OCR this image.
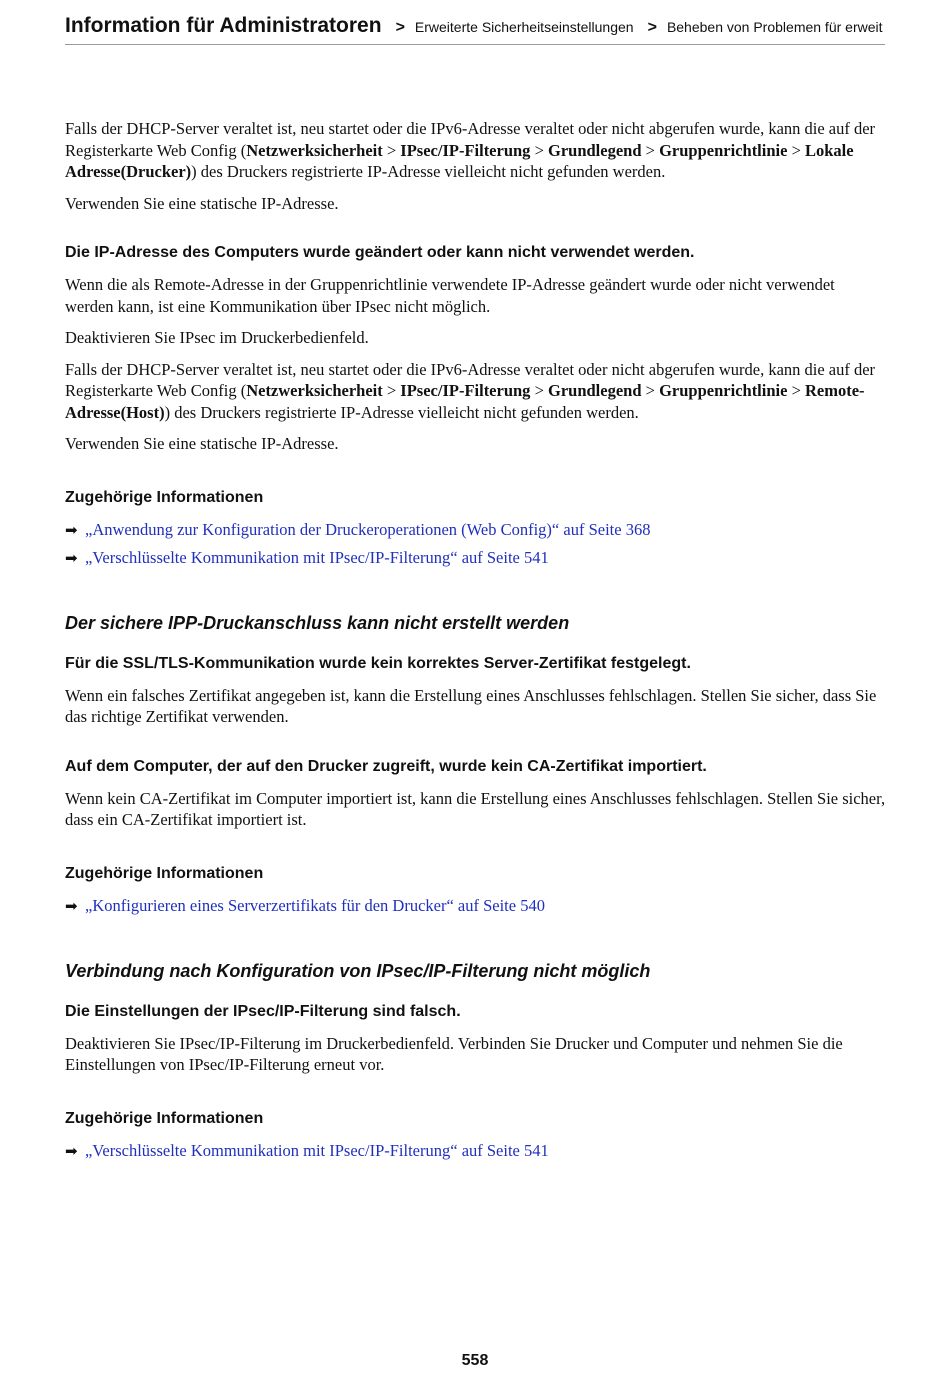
Information für Administratoren > Erweiterte Sicherheitseinstellungen > Beheben von Problemen für erweit

Falls der DHCP-Server veraltet ist, neu startet oder die IPv6-Adresse veraltet oder nicht abgerufen wurde, kann die auf der Registerkarte Web Config (Netzwerksicherheit > IPsec/IP-Filterung > Grundlegend > Gruppenrichtlinie > Lokale Adresse(Drucker)) des Druckers registrierte IP-Adresse vielleicht nicht gefunden werden.

Verwenden Sie eine statische IP-Adresse.

Die IP-Adresse des Computers wurde geändert oder kann nicht verwendet werden.

Wenn die als Remote-Adresse in der Gruppenrichtlinie verwendete IP-Adresse geändert wurde oder nicht verwendet werden kann, ist eine Kommunikation über IPsec nicht möglich.

Deaktivieren Sie IPsec im Druckerbedienfeld.

Falls der DHCP-Server veraltet ist, neu startet oder die IPv6-Adresse veraltet oder nicht abgerufen wurde, kann die auf der Registerkarte Web Config (Netzwerksicherheit > IPsec/IP-Filterung > Grundlegend > Gruppenrichtlinie > Remote-Adresse(Host)) des Druckers registrierte IP-Adresse vielleicht nicht gefunden werden.

Verwenden Sie eine statische IP-Adresse.

Zugehörige Informationen
➡ „Anwendung zur Konfiguration der Druckeroperationen (Web Config)“ auf Seite 368
➡ „Verschlüsselte Kommunikation mit IPsec/IP-Filterung“ auf Seite 541
Der sichere IPP-Druckanschluss kann nicht erstellt werden
Für die SSL/TLS-Kommunikation wurde kein korrektes Server-Zertifikat festgelegt.

Wenn ein falsches Zertifikat angegeben ist, kann die Erstellung eines Anschlusses fehlschlagen. Stellen Sie sicher, dass Sie das richtige Zertifikat verwenden.

Auf dem Computer, der auf den Drucker zugreift, wurde kein CA-Zertifikat importiert.

Wenn kein CA-Zertifikat im Computer importiert ist, kann die Erstellung eines Anschlusses fehlschlagen. Stellen Sie sicher, dass ein CA-Zertifikat importiert ist.

Zugehörige Informationen
➡ „Konfigurieren eines Serverzertifikats für den Drucker“ auf Seite 540
Verbindung nach Konfiguration von IPsec/IP-Filterung nicht möglich
Die Einstellungen der IPsec/IP-Filterung sind falsch.

Deaktivieren Sie IPsec/IP-Filterung im Druckerbedienfeld. Verbinden Sie Drucker und Computer und nehmen Sie die Einstellungen von IPsec/IP-Filterung erneut vor.

Zugehörige Informationen
➡ „Verschlüsselte Kommunikation mit IPsec/IP-Filterung“ auf Seite 541
558
